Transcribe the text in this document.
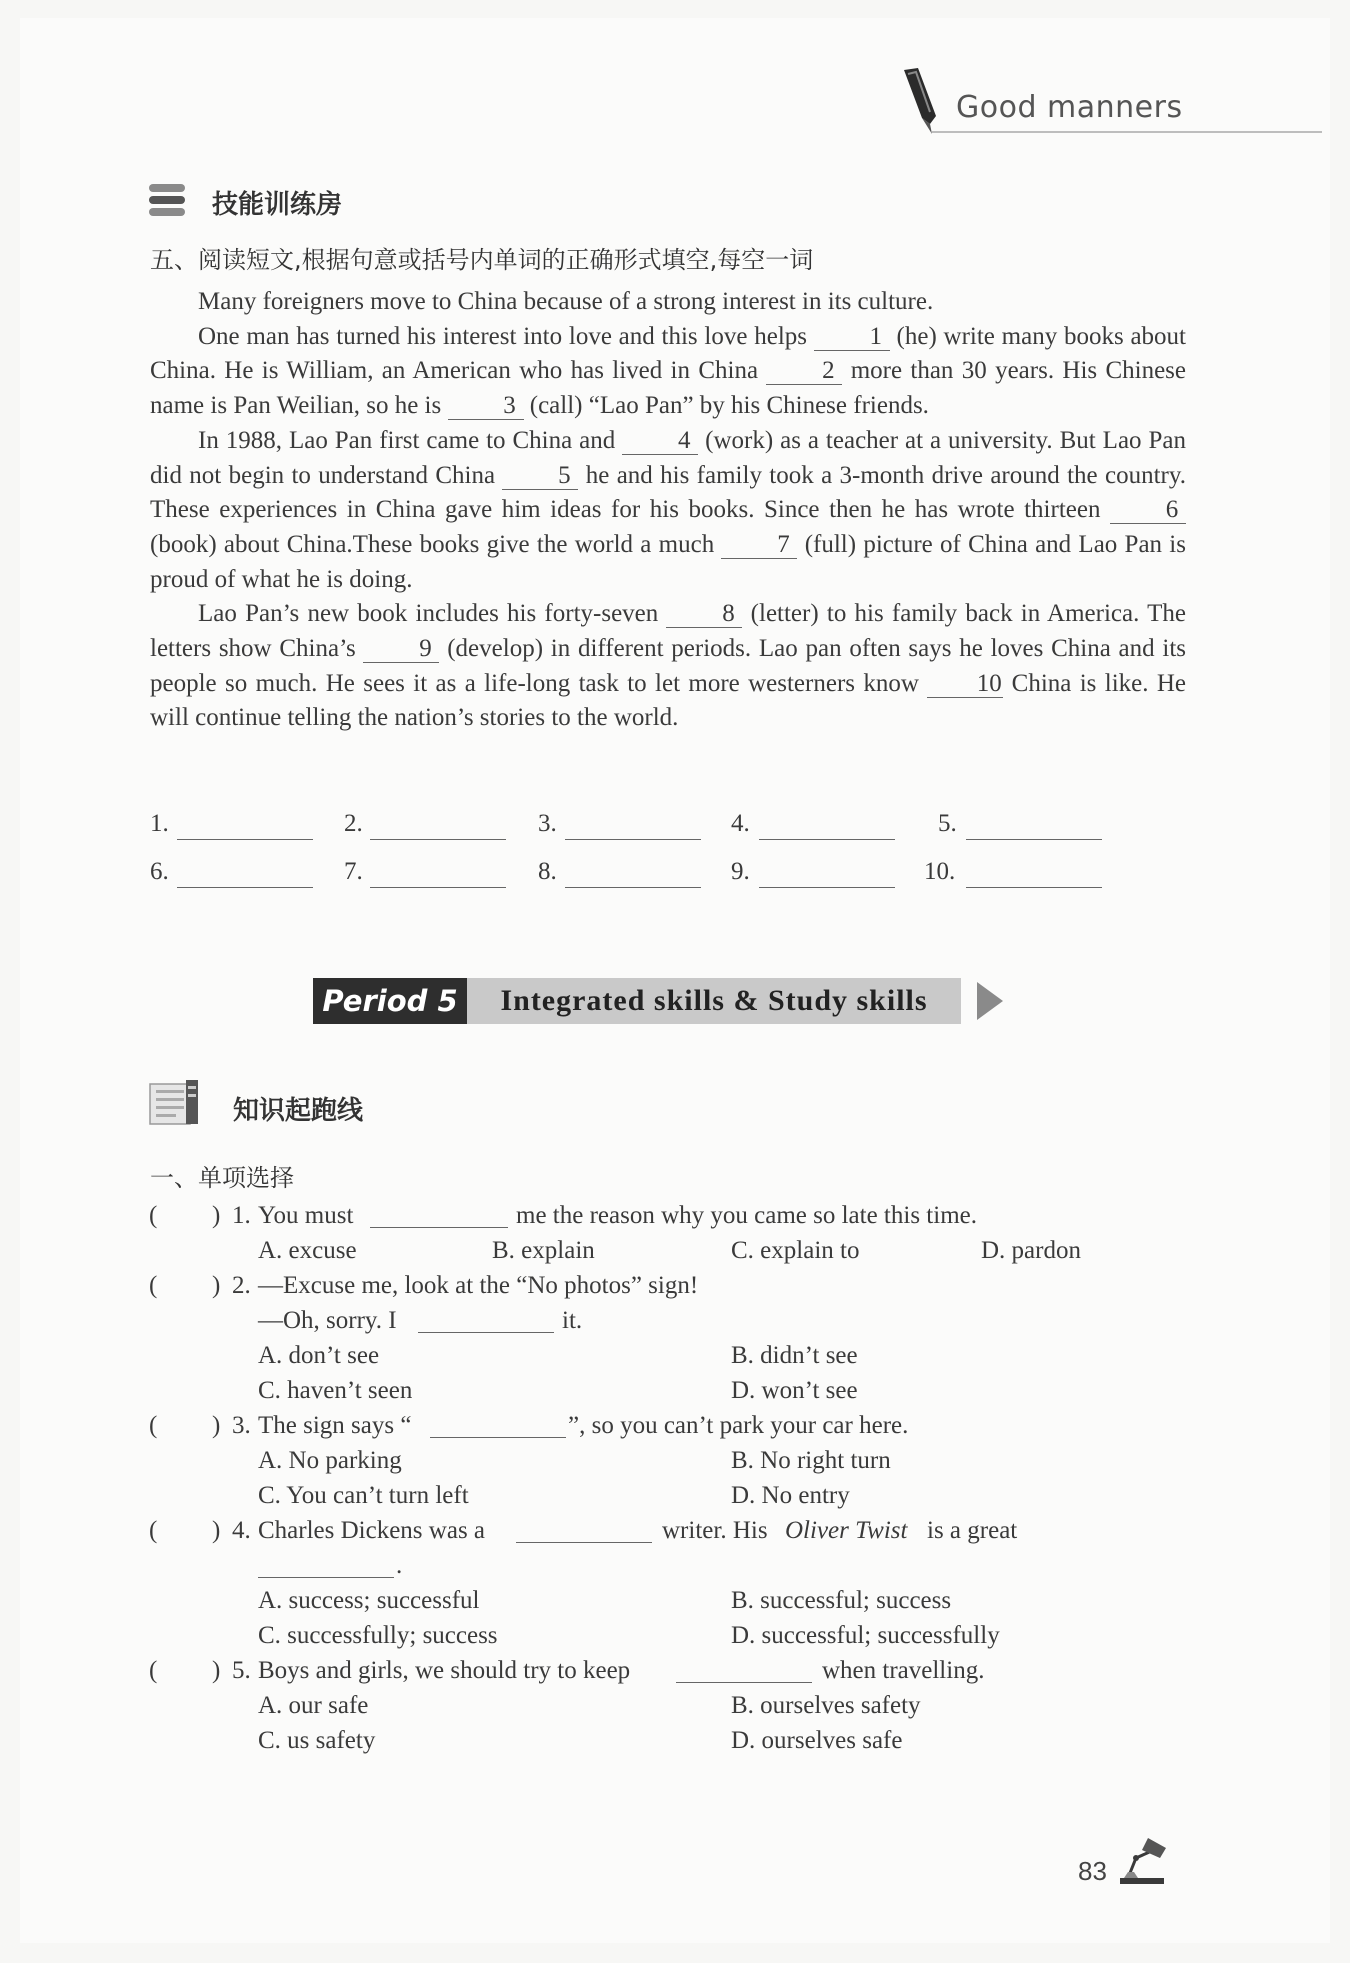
Good manners
技能训练房
五、阅读短文,根据句意或括号内单词的正确形式填空,每空一词

Many foreigners move to China because of a strong interest in its culture.

One man has turned his interest into love and this love helps 1 (he) write many books about China. He is William, an American who has lived in China 2 more than 30 years. His Chinese name is Pan Weilian, so he is 3 (call) “Lao Pan” by his Chinese friends.

In 1988, Lao Pan first came to China and 4 (work) as a teacher at a university. But Lao Pan did not begin to understand China 5 he and his family took a 3-month drive around the country. These experiences in China gave him ideas for his books. Since then he has wrote thirteen 6 (book) about China.These books give the world a much 7 (full) picture of China and Lao Pan is proud of what he is doing.

Lao Pan’s new book includes his forty-seven 8 (letter) to his family back in America. The letters show China’s 9 (develop) in different periods. Lao pan often says he loves China and its people so much. He sees it as a life-long task to let more westerners know 10 China is like. He will continue telling the nation’s stories to the world.

1.	2.	3.	4.	5.
6.	7.	8.	9.	10.
Period 5	Integrated skills & Study skills
知识起跑线
一、单项选择
( ) 1. You must	me the reason why you came so late this time.
A. excuse	B. explain	C. explain to	D. pardon
( ) 2. —Excuse me, look at the “No photos” sign!
—Oh, sorry. I	it.
A. don’t see	B. didn’t see
C. haven’t seen	D. won’t see
( ) 3. The sign says “	”, so you can’t park your car here.
A. No parking	B. No right turn
C. You can’t turn left	D. No entry
( ) 4. Charles Dickens was a	writer. His Oliver Twist is a great
.
A. success; successful	B. successful; success
C. successfully; success	D. successful; successfully
( ) 5. Boys and girls, we should try to keep	when travelling.
A. our safe	B. ourselves safety
C. us safety	D. ourselves safe
83
